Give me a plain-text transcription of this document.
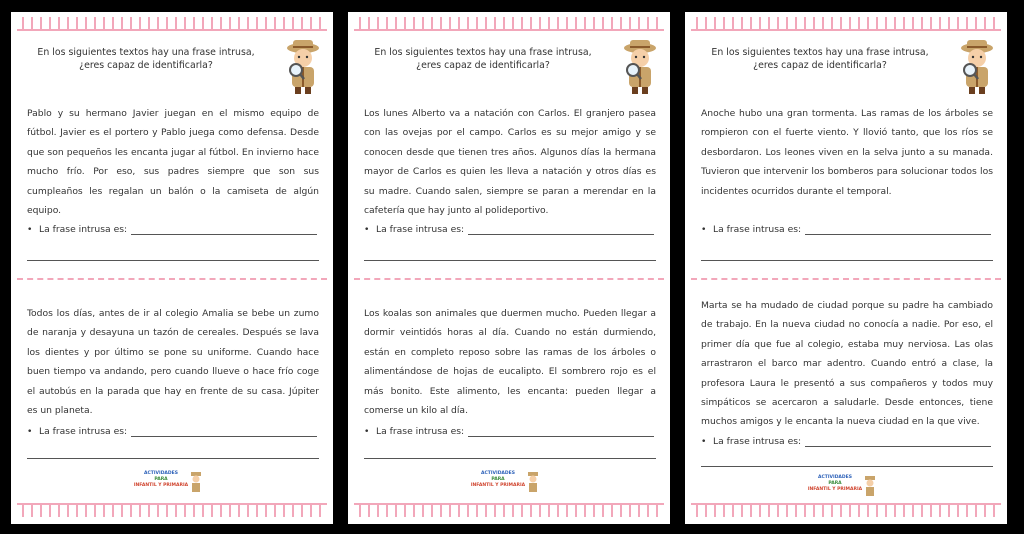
En los siguientes textos hay una frase intrusa,
¿eres capaz de identificarla?
Pablo y su hermano Javier juegan en el mismo equipo de fútbol. Javier es el portero y Pablo juega como defensa. Desde que son pequeños les encanta jugar al fútbol. En invierno hace mucho frío. Por eso, sus padres siempre que son sus cumpleaños les regalan un balón o la camiseta de algún equipo.
• La frase intrusa es:
Todos los días, antes de ir al colegio Amalia se bebe un zumo de naranja y desayuna un tazón de cereales. Después se lava los dientes y por último se pone su uniforme. Cuando hace buen tiempo va andando, pero cuando llueve o hace frío coge el autobús en la parada que hay en frente de su casa. Júpiter es un planeta.
• La frase intrusa es:
ACTIVIDADES
PARA
INFANTIL Y PRIMARIA
En los siguientes textos hay una frase intrusa,
¿eres capaz de identificarla?
Los lunes Alberto va a natación con Carlos. El granjero pasea con las ovejas por el campo. Carlos es su mejor amigo y se conocen desde que tienen tres años. Algunos días la hermana mayor de Carlos es quien les lleva a natación y otros días es su madre. Cuando salen, siempre se paran a merendar en la cafetería que hay junto al polideportivo.
• La frase intrusa es:
Los koalas son animales que duermen mucho. Pueden llegar a dormir veintidós horas al día. Cuando no están durmiendo, están en completo reposo sobre las ramas de los árboles o alimentándose de hojas de eucalipto. El sombrero rojo es el más bonito. Este alimento, les encanta: pueden llegar a comerse un kilo al día.
• La frase intrusa es:
ACTIVIDADES
PARA
INFANTIL Y PRIMARIA
En los siguientes textos hay una frase intrusa,
¿eres capaz de identificarla?
Anoche hubo una gran tormenta. Las ramas de los árboles se rompieron con el fuerte viento. Y llovió tanto, que los ríos se desbordaron. Los leones viven en la selva junto a su manada. Tuvieron que intervenir los bomberos para solucionar todos los incidentes ocurridos durante el temporal.
• La frase intrusa es:
Marta se ha mudado de ciudad porque su padre ha cambiado de trabajo. En la nueva ciudad no conocía a nadie. Por eso, el primer día que fue al colegio, estaba muy nerviosa. Las olas arrastraron el barco mar adentro. Cuando entró a clase, la profesora Laura le presentó a sus compañeros y todos muy simpáticos se acercaron a saludarle. Desde entonces, tiene muchos amigos y le encanta la nueva ciudad en la que vive.
• La frase intrusa es:
ACTIVIDADES
PARA
INFANTIL Y PRIMARIA
